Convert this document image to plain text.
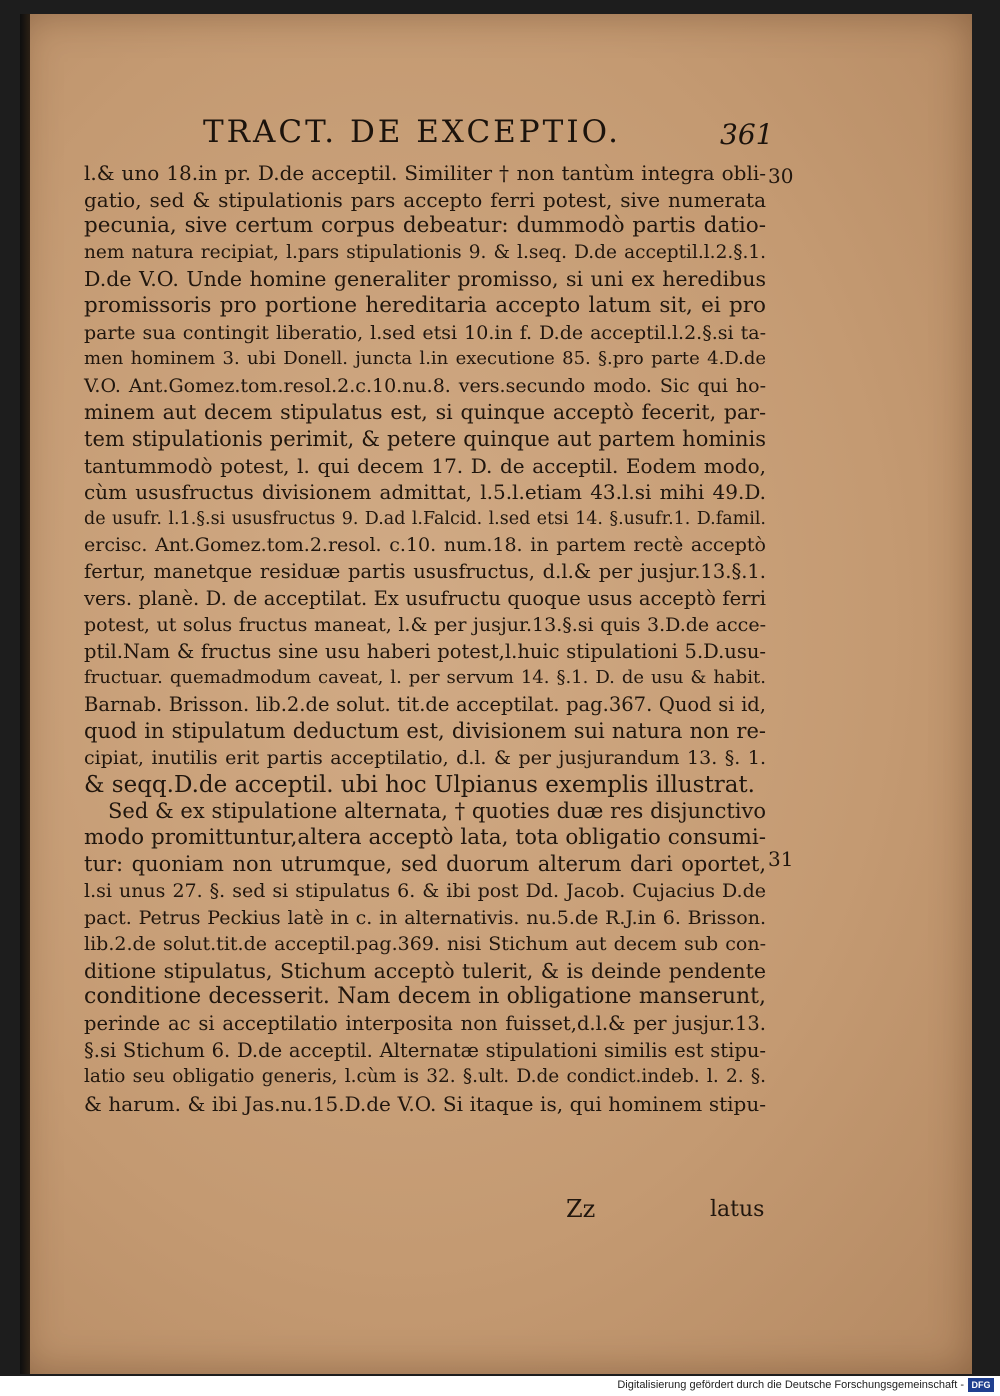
TRACT. DE EXCEPTIO.	361
30
31
l.& uno 18.in pr. D.de acceptil. Similiter † non tantùm integra obli-
gatio, sed & stipulationis pars accepto ferri potest, sive numerata
pecunia, sive certum corpus debeatur: dummodò partis datio-
nem natura recipiat, l.pars stipulationis 9. & l.seq. D.de acceptil.l.2.§.1.
D.de V.O. Unde homine generaliter promisso, si uni ex heredibus
promissoris pro portione hereditaria accepto latum sit, ei pro
parte sua contingit liberatio, l.sed etsi 10.in f. D.de acceptil.l.2.§.si ta-
men hominem 3. ubi Donell. juncta l.in executione 85. §.pro parte 4.D.de
V.O. Ant.Gomez.tom.resol.2.c.10.nu.8. vers.secundo modo. Sic qui ho-
minem aut decem stipulatus est, si quinque acceptò fecerit, par-
tem stipulationis perimit, & petere quinque aut partem hominis
tantummodò potest, l. qui decem 17. D. de acceptil. Eodem modo,
cùm ususfructus divisionem admittat, l.5.l.etiam 43.l.si mihi 49.D.
de usufr. l.1.§.si ususfructus 9. D.ad l.Falcid. l.sed etsi 14. §.usufr.1. D.famil.
ercisc. Ant.Gomez.tom.2.resol. c.10. num.18. in partem rectè acceptò
fertur, manetque residuæ partis ususfructus, d.l.& per jusjur.13.§.1.
vers. planè. D. de acceptilat. Ex usufructu quoque usus acceptò ferri
potest, ut solus fructus maneat, l.& per jusjur.13.§.si quis 3.D.de acce-
ptil.Nam & fructus sine usu haberi potest,l.huic stipulationi 5.D.usu-
fructuar. quemadmodum caveat, l. per servum 14. §.1. D. de usu & habit.
Barnab. Brisson. lib.2.de solut. tit.de acceptilat. pag.367. Quod si id,
quod in stipulatum deductum est, divisionem sui natura non re-
cipiat, inutilis erit partis acceptilatio, d.l. & per jusjurandum 13. §. 1.
& seqq.D.de acceptil. ubi hoc Ulpianus exemplis illustrat.
Sed & ex stipulatione alternata, † quoties duæ res disjunctivo
modo promittuntur,altera acceptò lata, tota obligatio consumi-
tur: quoniam non utrumque, sed duorum alterum dari oportet,
l.si unus 27. §. sed si stipulatus 6. & ibi post Dd. Jacob. Cujacius D.de
pact. Petrus Peckius latè in c. in alternativis. nu.5.de R.J.in 6. Brisson.
lib.2.de solut.tit.de acceptil.pag.369. nisi Stichum aut decem sub con-
ditione stipulatus, Stichum acceptò tulerit, & is deinde pendente
conditione decesserit. Nam decem in obligatione manserunt,
perinde ac si acceptilatio interposita non fuisset,d.l.& per jusjur.13.
§.si Stichum 6. D.de acceptil. Alternatæ stipulationi similis est stipu-
latio seu obligatio generis, l.cùm is 32. §.ult. D.de condict.indeb. l. 2. §.
& harum. & ibi Jas.nu.15.D.de V.O. Si itaque is, qui hominem stipu-
Zz	latus
Digitalisierung gefördert durch die Deutsche Forschungsgemeinschaft - DFG
